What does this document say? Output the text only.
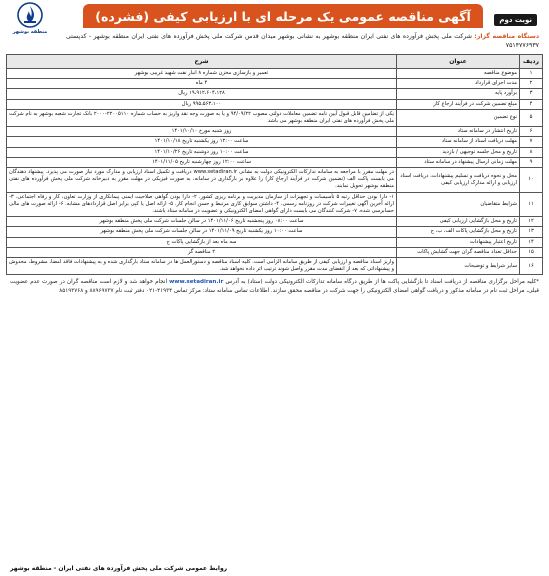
آگهی مناقصه عمومی یک مرحله ای با ارزیابی کیفی (فشرده)	نوبت دوم
منطقه بوشهر
دستگاه مناقصه گزار: شرکت ملی پخش فرآورده های نفتی ایران منطقه بوشهر به نشانی بوشهر میدان قدس شرکت ملی پخش فرآورده های نفتی ایران منطقه بوشهر - کدپستی ۷۵۱۴۷۷۶۹۳۷
ردیف	عنوان	شرح
۱	موضوع مناقصه	تعمیر و بازسازی مخزن شماره ۸ انبار نفت شهید غریبی بوشهر
۲	مدت اجرای قرارداد	۴ ماه
۳	برآورد پایه	۱۹،۹۱۲،۶۰۴،۱۲۸ ریال
۴	مبلغ تضمین شرکت در فرآیند ارجاع کار	۹۹۵،۵۶۳،۱۰۰ ریال
۵	نوع تضمین	یکی از تضامین قابل قبول آیین نامه تضمین معاملات دولتی مصوب ۹۴/۰۹/۲۲ و یا به صورت وجه نقد واریز به حساب شماره ۲۲۰۰۵۱۱۰-۲۰۰۰ بانک تجارت شعبه بوشهر به نام شرکت ملی پخش فرآورده های نفتی ایران منطقه بوشهر می باشد
۶	تاریخ انتشار در سامانه ستاد	روز شنبه مورخ ۱۴۰۱/۱۰/۱۰
۷	مهلت دریافت اسناد از سامانه ستاد	ساعت ۱۲:۰۰ روز یکشنبه تاریخ ۱۴۰۱/۱۰/۱۸
۸	تاریخ و محل جلسه توجیهی / بازدید	ساعت ۱۰:۰۰ روز دوشنبه تاریخ ۱۴۰۱/۱۰/۲۶
۹	مهلت زمانی ارسال پیشنهاد در سامانه ستاد	ساعت ۱۲:۰۰ روز چهارشنبه تاریخ ۱۴۰۱/۱۱/۰۵
۱۰	محل و نحوه دریافت و تسلیم پیشنهادات، دریافت اسناد ارزیابی و ارائه مدارک ارزیابی کیفی	در مهلت مقرر با مراجعه به سامانه تدارکات الکترونیکی دولت به نشانی www.setadiran.ir دریافت و تکمیل اسناد ارزیابی و مدارک مورد نیاز صورت می پذیرد. پیشنهاد دهندگان می بایست پاکت الف (تضمین شرکت در فرآیند ارجاع کار) را علاوه بر بارگذاری در سامانه، به صورت فیزیکی در مهلت مقرر به دبیرخانه شرکت ملی پخش فرآورده های نفتی منطقه بوشهر تحویل نمایند.
۱۱	شرایط متقاضیان	۱- دارا بودن حداقل رتبه ۵ تأسیسات و تجهیزات از سازمان مدیریت و برنامه ریزی کشور. ۲- دارا بودن گواهی صلاحیت ایمنی پیمانکاری از وزارت تعاون، کار و رفاه اجتماعی. ۳- ارائه آخرین آگهی تغییرات شرکت در روزنامه رسمی. ۴- داشتن سوابق کاری مرتبط و حسن انجام کار. ۵- ارائه اصل یا کپی برابر اصل قراردادهای مشابه. ۶- ارائه صورت های مالی حسابرسی شده. ۷- شرکت کنندگان می بایست دارای گواهی امضای الکترونیکی و عضویت در سامانه ستاد باشند.
۱۲	تاریخ و محل بازگشایی ارزیابی کیفی	ساعت ۰۸:۰۰ روز پنجشنبه تاریخ ۱۴۰۱/۱۱/۰۶ در سالن جلسات شرکت ملی پخش منطقه بوشهر
۱۳	تاریخ و محل بازگشایی پاکات الف، ب، ج	ساعت ۱۰:۰۰ روز یکشنبه تاریخ ۱۴۰۱/۱۱/۰۹ در سالن جلسات شرکت ملی پخش منطقه بوشهر
۱۴	تاریخ اعتبار پیشنهادات	سه ماه بعد از بازگشایی پاکات ج
۱۵	حداقل تعداد مناقصه گران جهت گشایش پاکات	۲ مناقصه گر
۱۶	سایر شرایط و توضیحات	واریز اسناد مناقصه و ارزیابی کیفی از طریق سامانه الزامی است. کلیه اسناد مناقصه و دستورالعمل ها در سامانه ستاد بارگذاری شده و به پیشنهادات فاقد امضا، مشروط، مخدوش و پیشنهاداتی که بعد از انقضای مدت مقرر واصل شوند ترتیب اثر داده نخواهد شد.
*کلیه مراحل برگزاری مناقصه از دریافت اسناد تا بازگشایی پاکت ها از طریق درگاه سامانه تدارکات الکترونیکی دولت (ستاد) به آدرس www.setadiran.ir انجام خواهد شد و لازم است مناقصه گران در صورت عدم عضویت قبلی، مراحل ثبت نام در سامانه مذکور و دریافت گواهی امضای الکترونیکی را جهت شرکت در مناقصه محقق سازند. اطلاعات تماس سامانه ستاد: مرکز تماس ۴۱۹۳۴-۰۲۱ دفتر ثبت نام ۸۸۹۶۹۷۳۷ و ۸۵۱۹۳۷۶۸
روابط عمومی شرکت ملی پخش فرآورده های نفتی ایران - منطقه بوشهر
